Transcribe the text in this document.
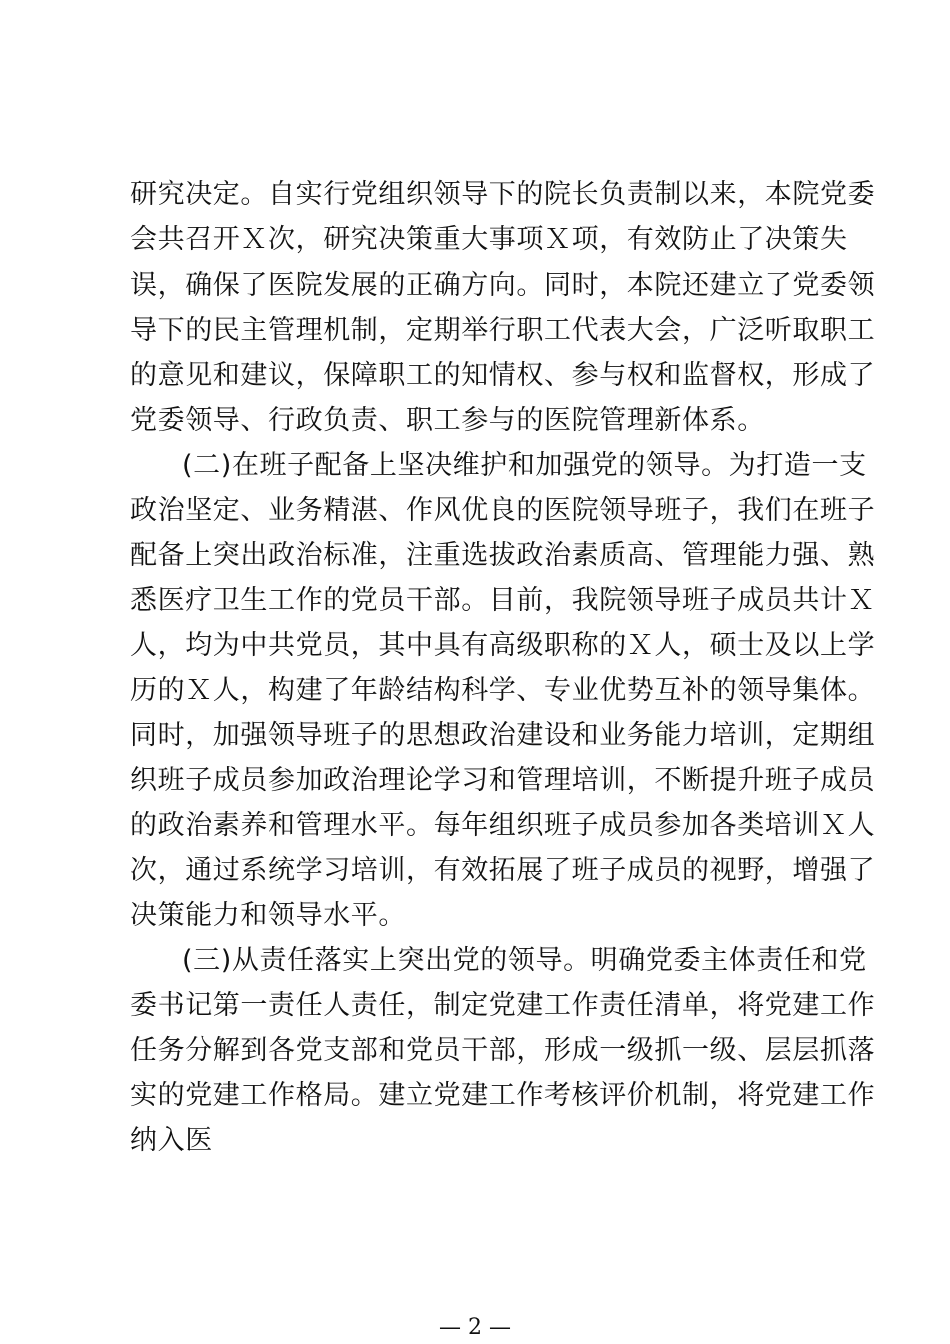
研究决定。自实行党组织领导下的院长负责制以来，本院党委
会共召开Ｘ次，研究决策重大事项Ｘ项，有效防止了决策失
误，确保了医院发展的正确方向。同时，本院还建立了党委领
导下的民主管理机制，定期举行职工代表大会，广泛听取职工
的意见和建议，保障职工的知情权、参与权和监督权，形成了
党委领导、行政负责、职工参与的医院管理新体系。
(二)在班子配备上坚决维护和加强党的领导。为打造一支
政治坚定、业务精湛、作风优良的医院领导班子，我们在班子
配备上突出政治标准，注重选拔政治素质高、管理能力强、熟
悉医疗卫生工作的党员干部。目前，我院领导班子成员共计Ｘ
人，均为中共党员，其中具有高级职称的Ｘ人，硕士及以上学
历的Ｘ人，构建了年龄结构科学、专业优势互补的领导集体。
同时，加强领导班子的思想政治建设和业务能力培训，定期组
织班子成员参加政治理论学习和管理培训，不断提升班子成员
的政治素养和管理水平。每年组织班子成员参加各类培训Ｘ人
次，通过系统学习培训，有效拓展了班子成员的视野，增强了
决策能力和领导水平。
(三)从责任落实上突出党的领导。明确党委主体责任和党
委书记第一责任人责任，制定党建工作责任清单，将党建工作
任务分解到各党支部和党员干部，形成一级抓一级、层层抓落
实的党建工作格局。建立党建工作考核评价机制，将党建工作
纳入医
— 2 —
